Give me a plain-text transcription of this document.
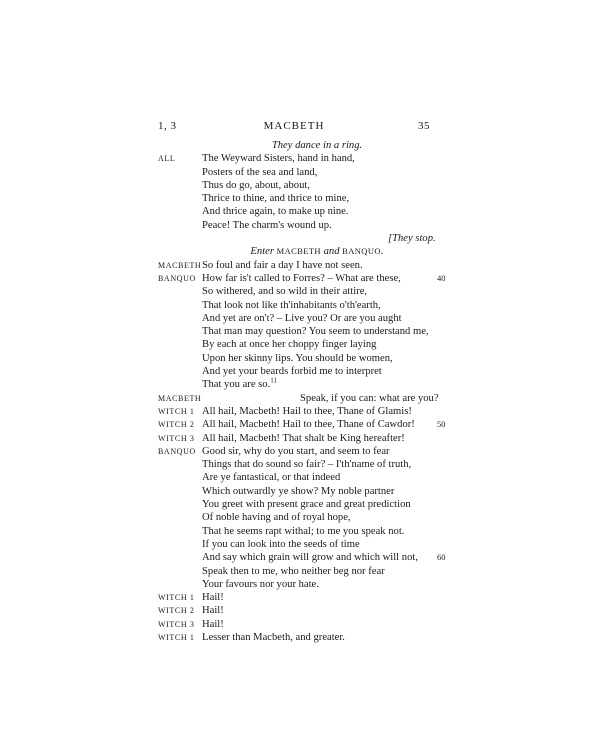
1, 3	MACBETH	35
They dance in a ring.
ALL	The Weyward Sisters, hand in hand,
Posters of the sea and land,
Thus do go, about, about,
Thrice to thine, and thrice to mine,
And thrice again, to make up nine.
Peace! The charm's wound up.
[They stop.
Enter MACBETH and BANQUO.
MACBETH So foul and fair a day I have not seen.
BANQUO How far is't called to Forres? – What are these,	40
So withered, and so wild in their attire,
That look not like th'inhabitants o'th'earth,
And yet are on't? – Live you? Or are you aught
That man may question? You seem to understand me,
By each at once her choppy finger laying
Upon her skinny lips. You should be women,
And yet your beards forbid me to interpret
That you are so.$^{11}$
MACBETH	Speak, if you can: what are you?
WITCH 1 All hail, Macbeth! Hail to thee, Thane of Glamis!
WITCH 2 All hail, Macbeth! Hail to thee, Thane of Cawdor!	50
WITCH 3 All hail, Macbeth! That shalt be King hereafter!
BANQUO Good sir, why do you start, and seem to fear
Things that do sound so fair? – I'th'name of truth,
Are ye fantastical, or that indeed
Which outwardly ye show? My noble partner
You greet with present grace and great prediction
Of noble having and of royal hope,
That he seems rapt withal; to me you speak not.
If you can look into the seeds of time
And say which grain will grow and which will not, 60
Speak then to me, who neither beg nor fear
Your favours nor your hate.
WITCH 1 Hail!
WITCH 2 Hail!
WITCH 3 Hail!
WITCH 1 Lesser than Macbeth, and greater.
